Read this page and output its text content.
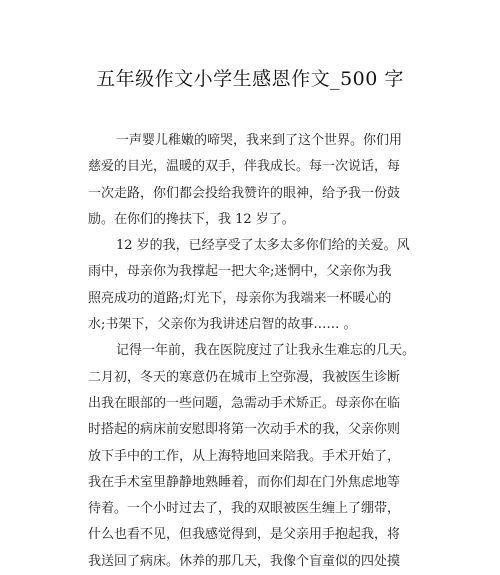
五年级作文小学生感恩作文_500 字
一声婴儿稚嫩的啼哭，我来到了这个世界。你们用
慈爱的目光，温暖的双手，伴我成长。每一次说话，每
一次走路，你们都会投给我赞许的眼神，给予我一份鼓
励。在你们的搀扶下，我 12 岁了。
12 岁的我，已经享受了太多太多你们给的关爱。风
雨中，母亲你为我撑起一把大伞;迷惘中，父亲你为我
照亮成功的道路;灯光下，母亲你为我端来一杯暖心的
水;书架下，父亲你为我讲述启智的故事…… 。
记得一年前，我在医院度过了让我永生难忘的几天。
二月初，冬天的寒意仍在城市上空弥漫，我被医生诊断
出我在眼部的一些问题，急需动手术矫正。母亲你在临
时搭起的病床前安慰即将第一次动手术的我，父亲你则
放下手中的工作，从上海特地回来陪我。手术开始了，
我在手术室里静静地熟睡着，而你们却在门外焦虑地等
待着。一个小时过去了，我的双眼被医生缠上了绷带，
什么也看不见，但我感觉得到，是父亲用手抱起我，将
我送回了病床。休养的那几天，我像个盲童似的四处摸
